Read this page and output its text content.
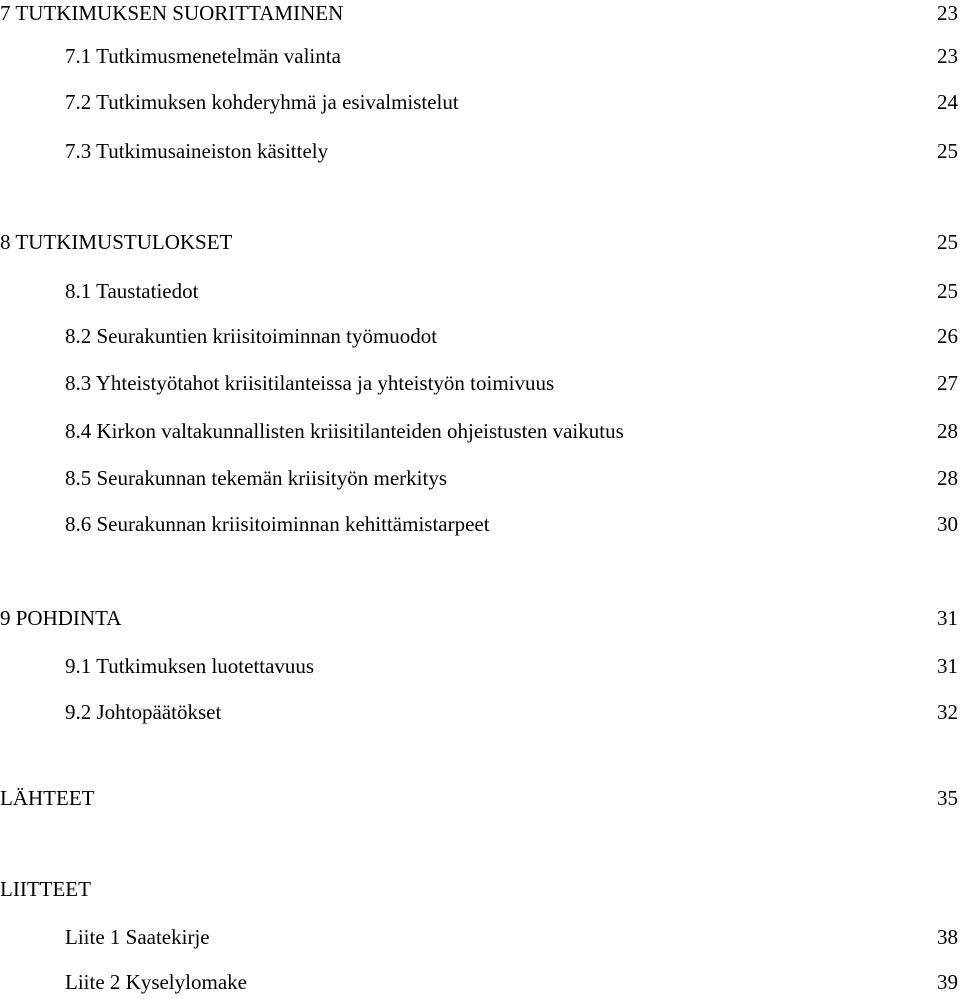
7 TUTKIMUKSEN SUORITTAMINEN	23
7.1 Tutkimusmenetelmän valinta	23
7.2 Tutkimuksen kohderyhmä ja esivalmistelut	24
7.3 Tutkimusaineiston käsittely	25
8 TUTKIMUSTULOKSET	25
8.1 Taustatiedot	25
8.2 Seurakuntien kriisitoiminnan työmuodot	26
8.3 Yhteistyötahot kriisitilanteissa ja yhteistyön toimivuus	27
8.4 Kirkon valtakunnallisten kriisitilanteiden ohjeistusten vaikutus	28
8.5 Seurakunnan tekemän kriisityön merkitys	28
8.6 Seurakunnan kriisitoiminnan kehittämistarpeet	30
9 POHDINTA	31
9.1 Tutkimuksen luotettavuus	31
9.2 Johtopäätökset	32
LÄHTEET	35
LIITTEET
Liite 1 Saatekirje	38
Liite 2 Kyselylomake	39
